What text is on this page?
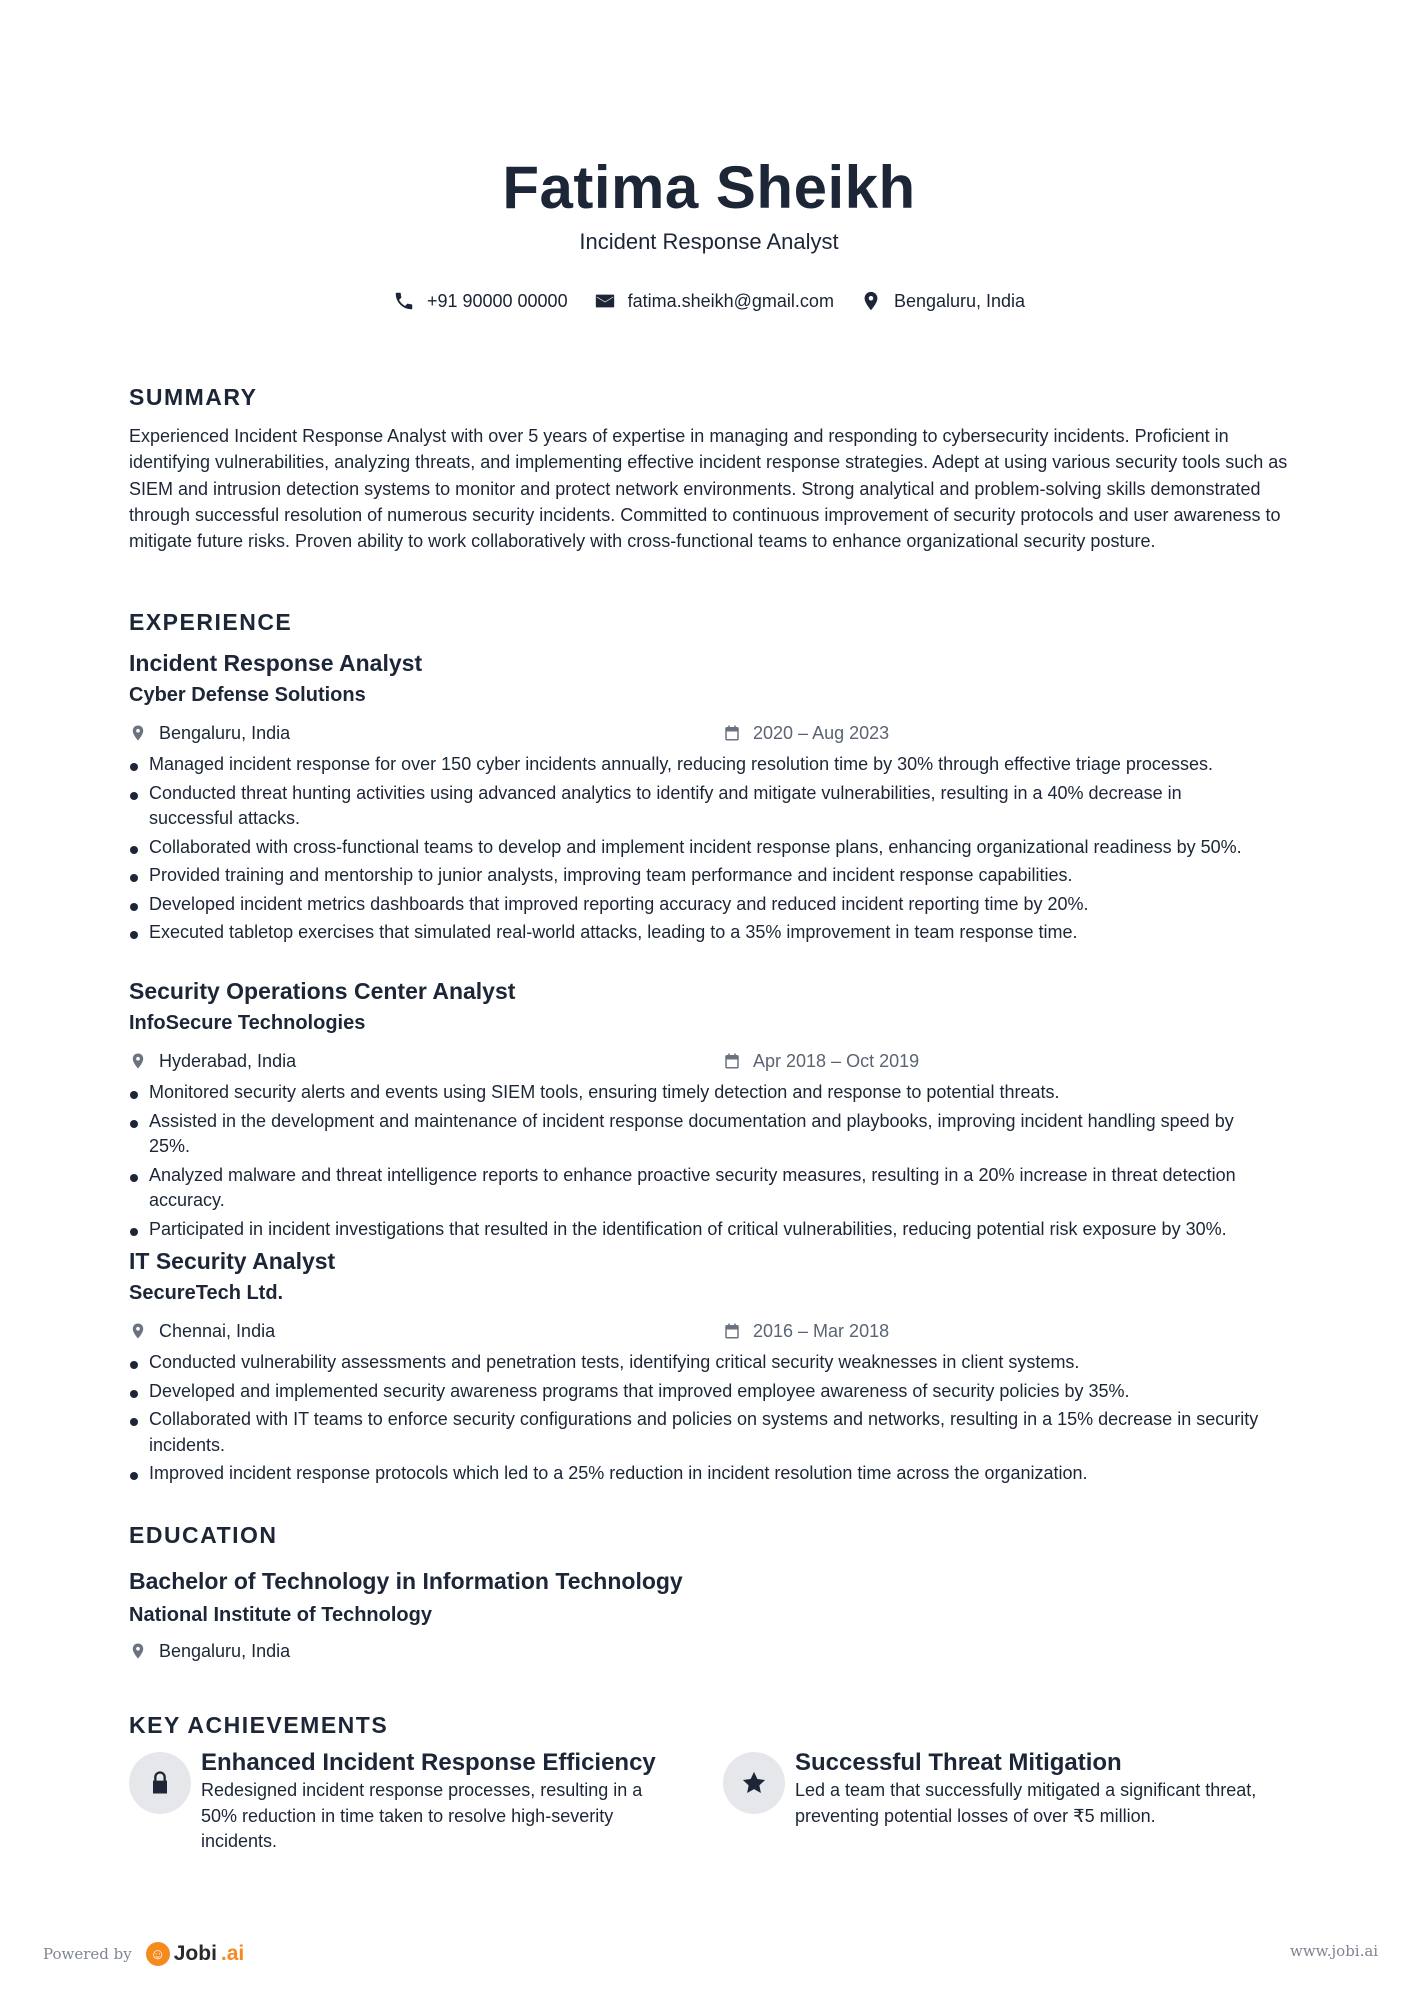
Fatima Sheikh
Incident Response Analyst
+91 90000 00000	fatima.sheikh@gmail.com	Bengaluru, India
SUMMARY
Experienced Incident Response Analyst with over 5 years of expertise in managing and responding to cybersecurity incidents. Proficient in identifying vulnerabilities, analyzing threats, and implementing effective incident response strategies. Adept at using various security tools such as SIEM and intrusion detection systems to monitor and protect network environments. Strong analytical and problem-solving skills demonstrated through successful resolution of numerous security incidents. Committed to continuous improvement of security protocols and user awareness to mitigate future risks. Proven ability to work collaboratively with cross-functional teams to enhance organizational security posture.
EXPERIENCE
Incident Response Analyst
Cyber Defense Solutions
Bengaluru, India	2020 – Aug 2023
Managed incident response for over 150 cyber incidents annually, reducing resolution time by 30% through effective triage processes.
Conducted threat hunting activities using advanced analytics to identify and mitigate vulnerabilities, resulting in a 40% decrease in successful attacks.
Collaborated with cross-functional teams to develop and implement incident response plans, enhancing organizational readiness by 50%.
Provided training and mentorship to junior analysts, improving team performance and incident response capabilities.
Developed incident metrics dashboards that improved reporting accuracy and reduced incident reporting time by 20%.
Executed tabletop exercises that simulated real-world attacks, leading to a 35% improvement in team response time.
Security Operations Center Analyst
InfoSecure Technologies
Hyderabad, India	Apr 2018 – Oct 2019
Monitored security alerts and events using SIEM tools, ensuring timely detection and response to potential threats.
Assisted in the development and maintenance of incident response documentation and playbooks, improving incident handling speed by 25%.
Analyzed malware and threat intelligence reports to enhance proactive security measures, resulting in a 20% increase in threat detection accuracy.
Participated in incident investigations that resulted in the identification of critical vulnerabilities, reducing potential risk exposure by 30%.
IT Security Analyst
SecureTech Ltd.
Chennai, India	2016 – Mar 2018
Conducted vulnerability assessments and penetration tests, identifying critical security weaknesses in client systems.
Developed and implemented security awareness programs that improved employee awareness of security policies by 35%.
Collaborated with IT teams to enforce security configurations and policies on systems and networks, resulting in a 15% decrease in security incidents.
Improved incident response protocols which led to a 25% reduction in incident resolution time across the organization.
EDUCATION
Bachelor of Technology in Information Technology
National Institute of Technology
Bengaluru, India
KEY ACHIEVEMENTS
Enhanced Incident Response Efficiency
Redesigned incident response processes, resulting in a 50% reduction in time taken to resolve high-severity incidents.
Successful Threat Mitigation
Led a team that successfully mitigated a significant threat, preventing potential losses of over ₹5 million.
Powered by ☺ Jobi .ai	www.jobi.ai
